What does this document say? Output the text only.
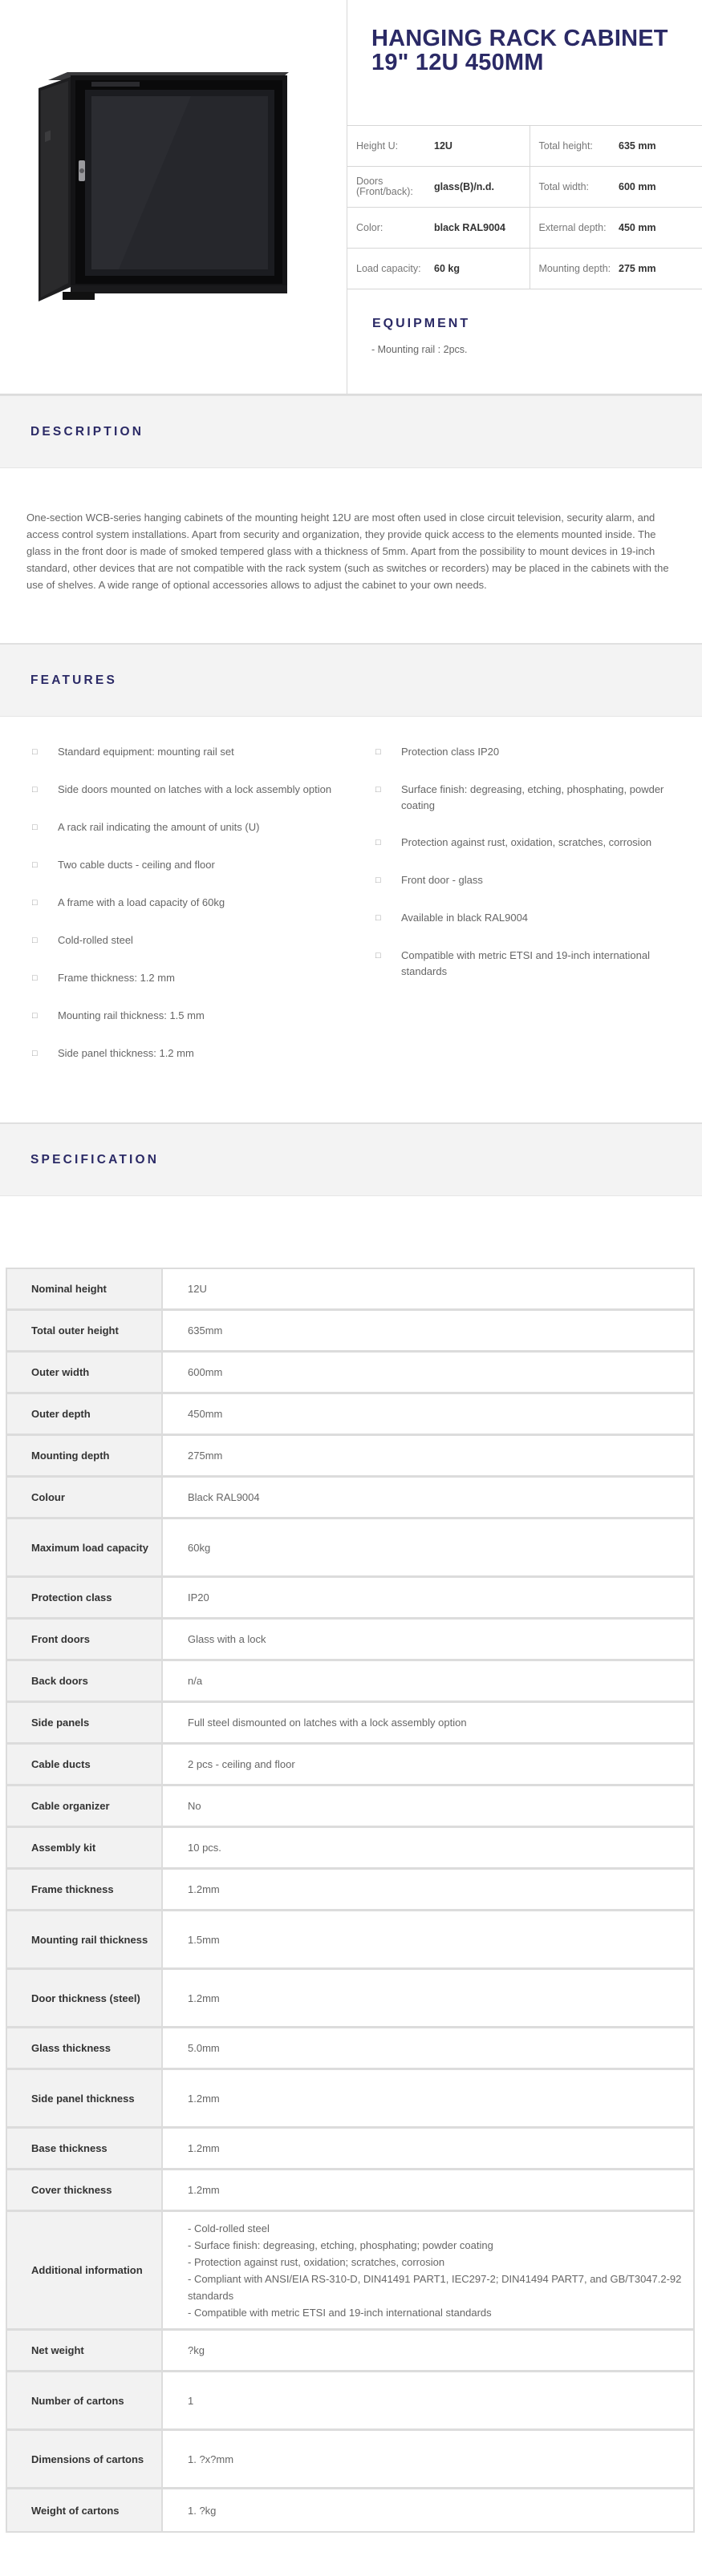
HANGING RACK CABINET 19" 12U 450MM
Height U:	12U	Total height:	635 mm
Doors (Front/back):	glass(B)/n.d.	Total width:	600 mm
Color:	black RAL9004	External depth:	450 mm
Load capacity:	60 kg	Mounting depth:	275 mm
EQUIPMENT
- Mounting rail : 2pcs.
DESCRIPTION

One-section WCB-series hanging cabinets of the mounting height 12U are most often used in close circuit television, security alarm, and access control system installations. Apart from security and organization, they provide quick access to the elements mounted inside. The glass in the front door is made of smoked tempered glass with a thickness of 5mm. Apart from the possibility to mount devices in 19-inch standard, other devices that are not compatible with the rack system (such as switches or recorders) may be placed in the cabinets with the use of shelves. A wide range of optional accessories allows to adjust the cabinet to your own needs.

FEATURES
□	Standard equipment: mounting rail set
□	Side doors mounted on latches with a lock assembly option
□	A rack rail indicating the amount of units (U)
□	Two cable ducts - ceiling and floor
□	A frame with a load capacity of 60kg
□	Cold-rolled steel
□	Frame thickness: 1.2 mm
□	Mounting rail thickness: 1.5 mm
□	Side panel thickness: 1.2 mm
□	Protection class IP20
□	Surface finish: degreasing, etching, phosphating, powder coating
□	Protection against rust, oxidation, scratches, corrosion
□	Front door - glass
□	Available in black RAL9004
□	Compatible with metric ETSI and 19-inch international standards
SPECIFICATION
Nominal height	12U
Total outer height	635mm
Outer width	600mm
Outer depth	450mm
Mounting depth	275mm
Colour	Black RAL9004
Maximum load capacity	60kg
Protection class	IP20
Front doors	Glass with a lock
Back doors	n/a
Side panels	Full steel dismounted on latches with a lock assembly option
Cable ducts	2 pcs - ceiling and floor
Cable organizer	No
Assembly kit	10 pcs.
Frame thickness	1.2mm
Mounting rail thickness	1.5mm
Door thickness (steel)	1.2mm
Glass thickness	5.0mm
Side panel thickness	1.2mm
Base thickness	1.2mm
Cover thickness	1.2mm
Additional information	- Cold-rolled steel
- Surface finish: degreasing, etching, phosphating; powder coating
- Protection against rust, oxidation; scratches, corrosion
- Compliant with ANSI/EIA RS-310-D, DIN41491 PART1, IEC297-2; DIN41494 PART7, and GB/T3047.2-92 standards
- Compatible with metric ETSI and 19-inch international standards
Net weight	?kg
Number of cartons	1
Dimensions of cartons	1. ?x?mm
Weight of cartons	1. ?kg
